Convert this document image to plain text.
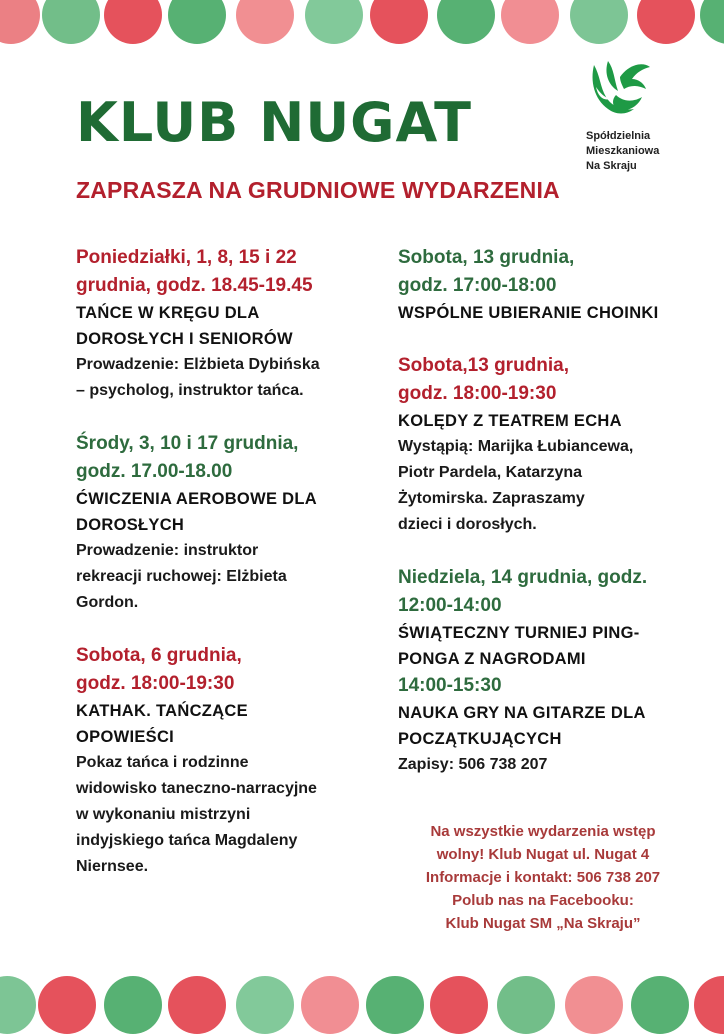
KLUB NUGAT
ZAPRASZA NA GRUDNIOWE WYDARZENIA
Spółdzielnia
Mieszkaniowa
Na Skraju

Poniedziałki, 1, 8, 15 i 22

grudnia, godz. 18.45-19.45

TAŃCE W KRĘGU DLA

DOROSŁYCH I SENIORÓW

Prowadzenie: Elżbieta Dybińska

– psycholog, instruktor tańca.

Środy, 3, 10 i 17 grudnia,

godz. 17.00-18.00

ĆWICZENIA AEROBOWE DLA

DOROSŁYCH

Prowadzenie: instruktor

rekreacji ruchowej: Elżbieta

Gordon.

Sobota, 6 grudnia,

godz. 18:00-19:30

KATHAK. TAŃCZĄCE

OPOWIEŚCI

Pokaz tańca i rodzinne

widowisko taneczno-narracyjne

w wykonaniu mistrzyni

indyjskiego tańca Magdaleny

Niernsee.

Sobota, 13 grudnia,

godz. 17:00-18:00

WSPÓLNE UBIERANIE CHOINKI

Sobota,13 grudnia,

godz. 18:00-19:30

KOLĘDY Z TEATREM ECHA

Wystąpią: Marijka Łubiancewa,

Piotr Pardela, Katarzyna

Żytomirska. Zapraszamy

dzieci i dorosłych.

Niedziela, 14 grudnia, godz.

12:00-14:00

ŚWIĄTECZNY TURNIEJ PING-

PONGA Z NAGRODAMI

14:00-15:30

NAUKA GRY NA GITARZE DLA

POCZĄTKUJĄCYCH

Zapisy: 506 738 207

Na wszystkie wydarzenia wstęp

wolny! Klub Nugat ul. Nugat 4

Informacje i kontakt: 506 738 207

Polub nas na Facebooku:

Klub Nugat SM „Na Skraju”
